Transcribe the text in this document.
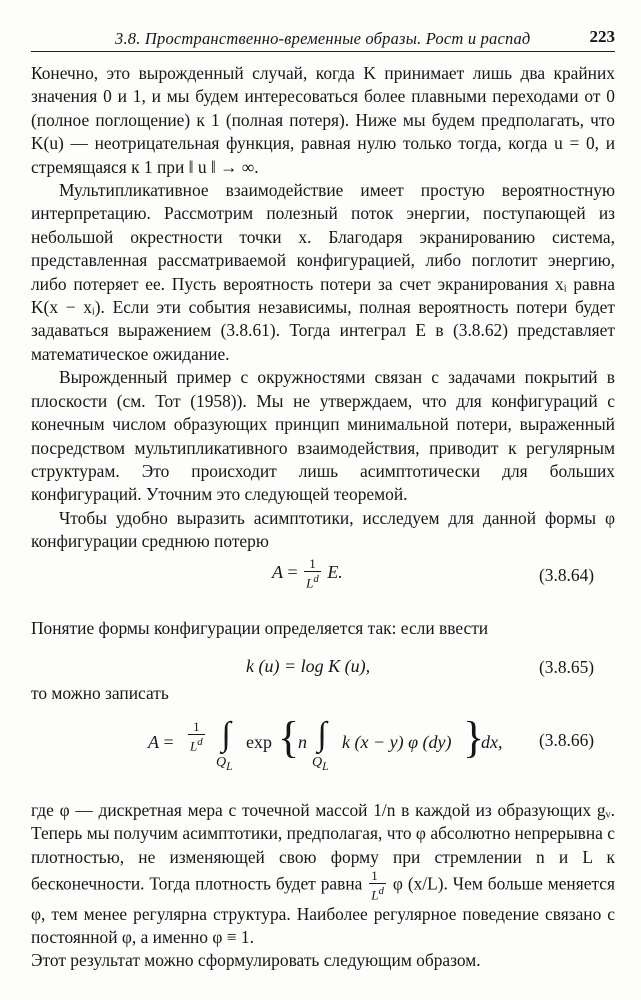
3.8. Пространственно-временные образы. Рост и распад	223

Конечно, это вырожденный случай, когда K принимает лишь два крайних значения 0 и 1, и мы будем интересоваться более плавными переходами от 0 (полное поглощение) к 1 (полная потеря). Ниже мы будем предполагать, что K(u) — неотрицательная функция, равная нулю только тогда, когда u = 0, и стремящаяся к 1 при ‖ u ‖ → ∞.

Мультипликативное взаимодействие имеет простую вероятностную интерпретацию. Рассмотрим полезный поток энергии, поступающей из небольшой окрестности точки x. Благодаря экранированию система, представленная рассматриваемой конфигурацией, либо поглотит энергию, либо потеряет ее. Пусть вероятность потери за счет экранирования xᵢ равна K(x − xᵢ). Если эти события независимы, полная вероятность потери будет задаваться выражением (3.8.61). Тогда интеграл E в (3.8.62) представляет математическое ожидание.

Вырожденный пример с окружностями связан с задачами покрытий в плоскости (см. Тот (1958)). Мы не утверждаем, что для конфигураций с конечным числом образующих принцип минимальной потери, выраженный посредством мультипликативного взаимодействия, приводит к регулярным структурам. Это происходит лишь асимптотически для больших конфигураций. Уточним это следующей теоремой.

Чтобы удобно выразить асимптотики, исследуем для данной формы φ конфигурации среднюю потерю

$A = \frac{1}{L^d} E$.	(3.8.64)

Понятие формы конфигурации определяется так: если ввести

k (u) = log K (u),	(3.8.65)

то можно записать

$A = \frac{1}{L^d}$ ∫
$Q_L$
exp {
n ∫
$Q_L$
k (x − y) φ (dy) }
dx, (3.8.66)

где φ — дискретная мера с точечной массой 1/n в каждой из образующих gᵥ. Теперь мы получим асимптотики, предполагая, что φ абсолютно непрерывна с плотностью, не изменяющей свою форму при стремлении n и L к бесконечности. Тогда плотность будет равна $\frac{1}{L^d}$ φ (x/L). Чем больше меняется φ, тем менее регулярна структура. Наиболее регулярное поведение связано с постоянной φ, а именно φ ≡ 1.

Этот результат можно сформулировать следующим образом.
